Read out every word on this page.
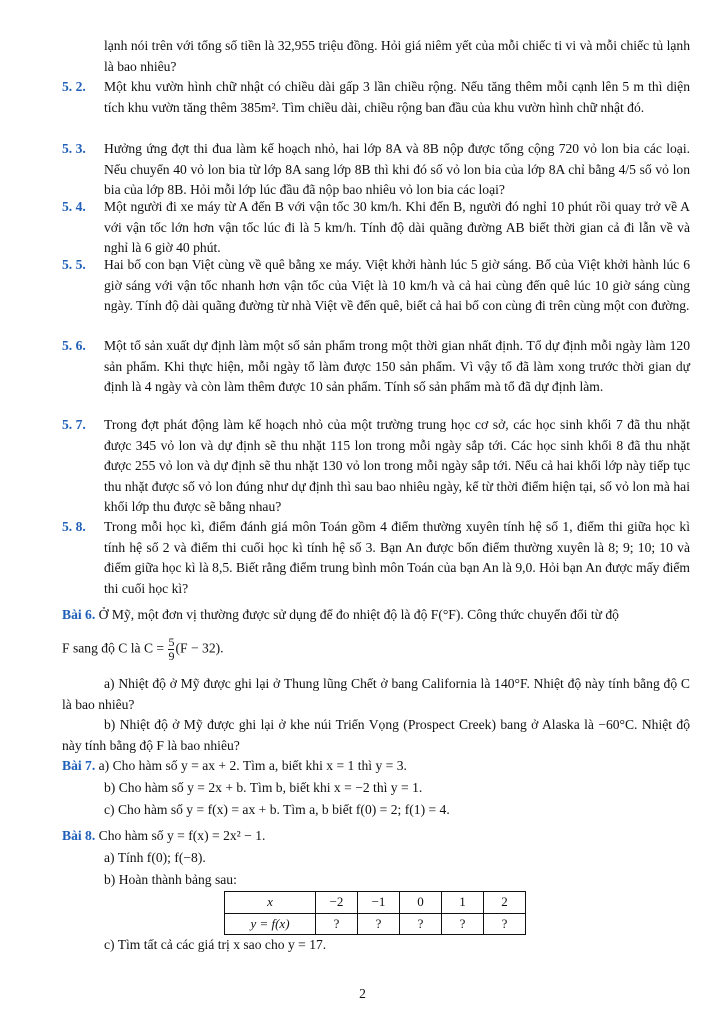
lạnh nói trên với tổng số tiền là 32,955 triệu đồng. Hỏi giá niêm yết của mỗi chiếc ti vi và mỗi chiếc tủ lạnh là bao nhiêu?
5. 2. Một khu vườn hình chữ nhật có chiều dài gấp 3 lần chiều rộng. Nếu tăng thêm mỗi cạnh lên 5 m thì diện tích khu vườn tăng thêm 385m². Tìm chiều dài, chiều rộng ban đầu của khu vườn hình chữ nhật đó.
5. 3. Hưởng ứng đợt thi đua làm kế hoạch nhỏ, hai lớp 8A và 8B nộp được tổng cộng 720 vỏ lon bia các loại. Nếu chuyển 40 vỏ lon bia từ lớp 8A sang lớp 8B thì khi đó số vỏ lon bia của lớp 8A chỉ bằng 4/5 số vỏ lon bia của lớp 8B. Hỏi mỗi lớp lúc đầu đã nộp bao nhiêu vỏ lon bia các loại?
5. 4. Một người đi xe máy từ A đến B với vận tốc 30 km/h. Khi đến B, người đó nghỉ 10 phút rồi quay trở về A với vận tốc lớn hơn vận tốc lúc đi là 5 km/h. Tính độ dài quãng đường AB biết thời gian cả đi lẫn về và nghỉ là 6 giờ 40 phút.
5. 5. Hai bố con bạn Việt cùng về quê bằng xe máy. Việt khởi hành lúc 5 giờ sáng. Bố của Việt khởi hành lúc 6 giờ sáng với vận tốc nhanh hơn vận tốc của Việt là 10 km/h và cả hai cùng đến quê lúc 10 giờ sáng cùng ngày. Tính độ dài quãng đường từ nhà Việt về đến quê, biết cả hai bố con cùng đi trên cùng một con đường.
5. 6. Một tổ sản xuất dự định làm một số sản phẩm trong một thời gian nhất định. Tổ dự định mỗi ngày làm 120 sản phẩm. Khi thực hiện, mỗi ngày tổ làm được 150 sản phẩm. Vì vậy tổ đã làm xong trước thời gian dự định là 4 ngày và còn làm thêm được 10 sản phẩm. Tính số sản phẩm mà tổ đã dự định làm.
5. 7. Trong đợt phát động làm kế hoạch nhỏ của một trường trung học cơ sở, các học sinh khối 7 đã thu nhặt được 345 vỏ lon và dự định sẽ thu nhặt 115 lon trong mỗi ngày sắp tới. Các học sinh khối 8 đã thu nhặt được 255 vỏ lon và dự định sẽ thu nhặt 130 vỏ lon trong mỗi ngày sắp tới. Nếu cả hai khối lớp này tiếp tục thu nhặt được số vỏ lon đúng như dự định thì sau bao nhiêu ngày, kể từ thời điểm hiện tại, số vỏ lon mà hai khối lớp thu được sẽ bằng nhau?
5. 8. Trong mỗi học kì, điểm đánh giá môn Toán gồm 4 điểm thường xuyên tính hệ số 1, điểm thi giữa học kì tính hệ số 2 và điểm thi cuối học kì tính hệ số 3. Bạn An được bốn điểm thường xuyên là 8; 9; 10; 10 và điểm giữa học kì là 8,5. Biết rằng điểm trung bình môn Toán của bạn An là 9,0. Hỏi bạn An được mấy điểm thi cuối học kì?
Bài 6. Ở Mỹ, một đơn vị thường được sử dụng để đo nhiệt độ là độ F(°F). Công thức chuyển đổi từ độ
F sang độ C là $C = \frac{5}{9} (F - 32)$.
a) Nhiệt độ ở Mỹ được ghi lại ở Thung lũng Chết ở bang California là 140°F. Nhiệt độ này tính bằng độ C là bao nhiêu?
b) Nhiệt độ ở Mỹ được ghi lại ở khe núi Triển Vọng (Prospect Creek) bang ở Alaska là −60°C. Nhiệt độ này tính bằng độ F là bao nhiêu?
Bài 7. a) Cho hàm số y = ax + 2. Tìm a, biết khi x = 1 thì y = 3.
b) Cho hàm số y = 2x + b. Tìm b, biết khi x = −2 thì y = 1.
c) Cho hàm số y = f(x) = ax + b. Tìm a, b biết f(0) = 2; f(1) = 4.
Bài 8. Cho hàm số y = f(x) = 2x² − 1.
a) Tính f(0); f(−8).
b) Hoàn thành bảng sau:
x	−2	−1	0	1	2
y = f(x)	?	?	?	?	?
c) Tìm tất cả các giá trị x sao cho y = 17.
2
